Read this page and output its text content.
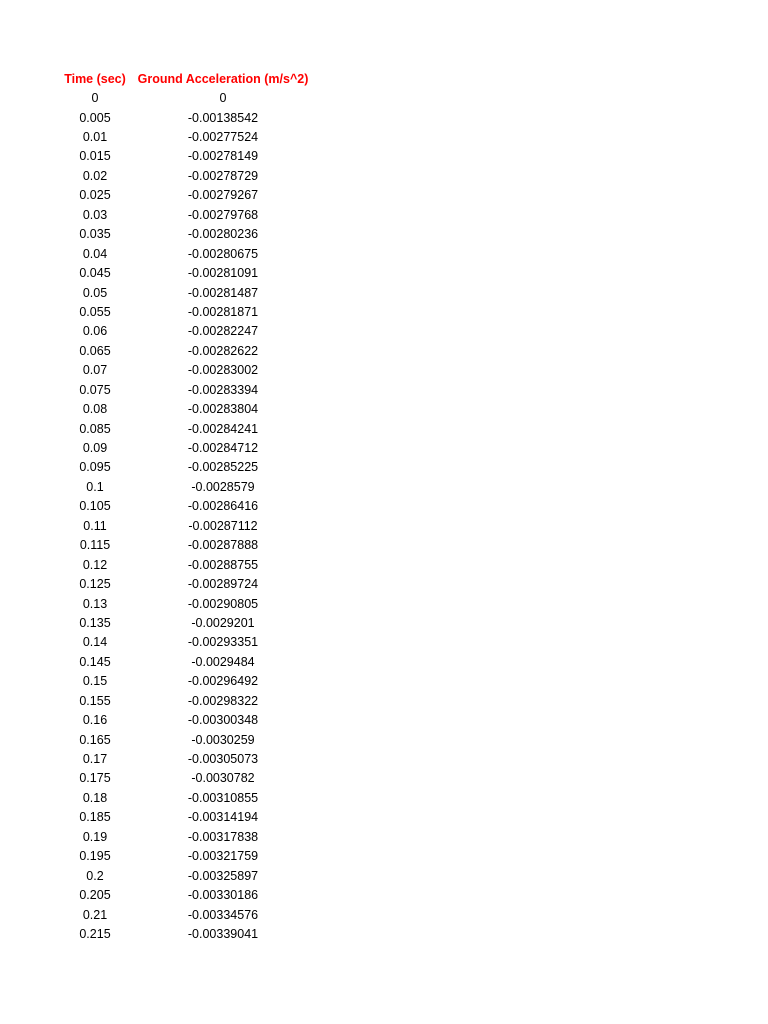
Time (sec) Ground Acceleration (m/s^2)
0	0
0.005	-0.00138542
0.01	-0.00277524
0.015	-0.00278149
0.02	-0.00278729
0.025	-0.00279267
0.03	-0.00279768
0.035	-0.00280236
0.04	-0.00280675
0.045	-0.00281091
0.05	-0.00281487
0.055	-0.00281871
0.06	-0.00282247
0.065	-0.00282622
0.07	-0.00283002
0.075	-0.00283394
0.08	-0.00283804
0.085	-0.00284241
0.09	-0.00284712
0.095	-0.00285225
0.1	-0.0028579
0.105	-0.00286416
0.11	-0.00287112
0.115	-0.00287888
0.12	-0.00288755
0.125	-0.00289724
0.13	-0.00290805
0.135	-0.0029201
0.14	-0.00293351
0.145	-0.0029484
0.15	-0.00296492
0.155	-0.00298322
0.16	-0.00300348
0.165	-0.0030259
0.17	-0.00305073
0.175	-0.0030782
0.18	-0.00310855
0.185	-0.00314194
0.19	-0.00317838
0.195	-0.00321759
0.2	-0.00325897
0.205	-0.00330186
0.21	-0.00334576
0.215	-0.00339041
